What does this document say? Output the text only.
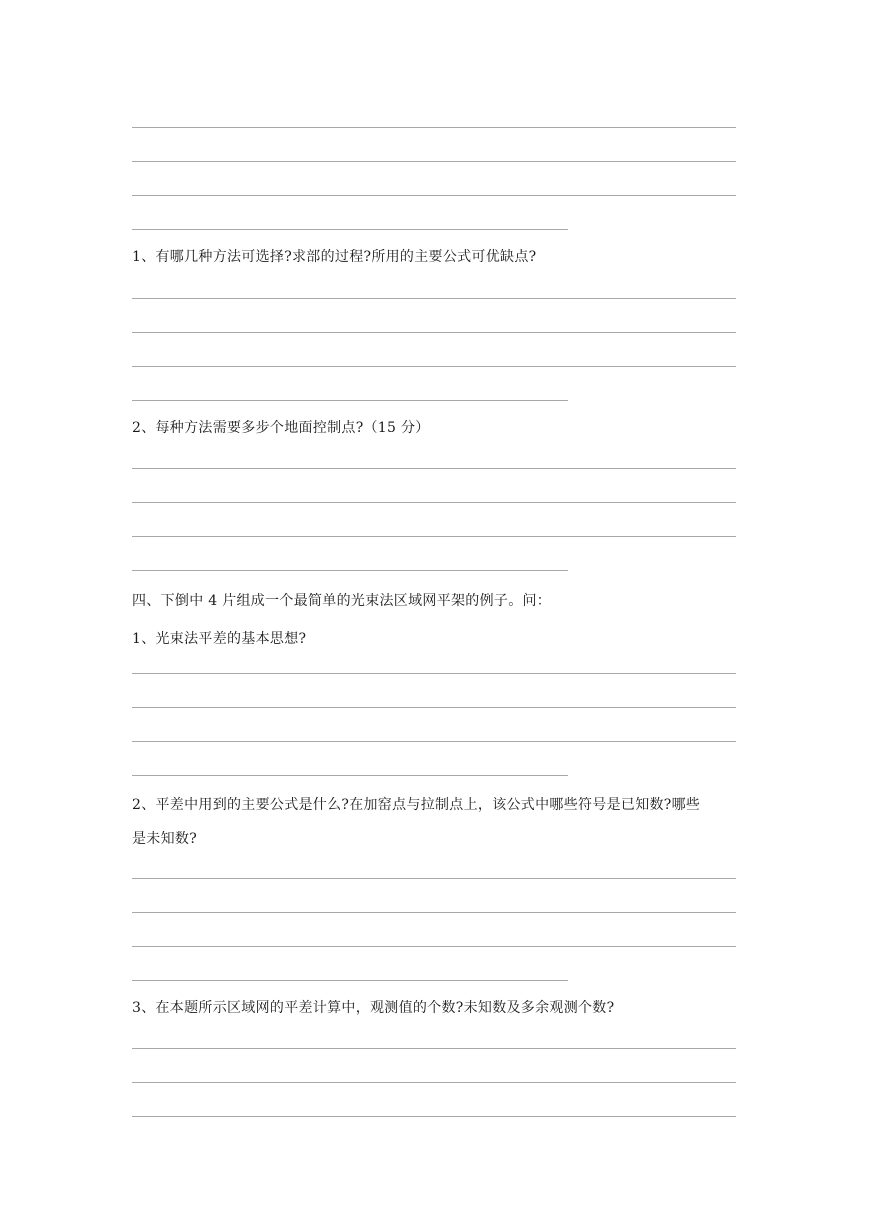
1、有哪几种方法可选择?求部的过程?所用的主要公式可优缺点?
2、每种方法需要多步个地面控制点?（15 分）
四、下倒中 4 片组成一个最简单的光束法区域网平架的例子。问：
1、光束法平差的基本思想?
2、平差中用到的主要公式是什么?在加窑点与拉制点上，该公式中哪些符号是已知数?哪些
是未知数?
3、在本题所示区域网的平差计算中，观测值的个数?未知数及多余观测个数?
